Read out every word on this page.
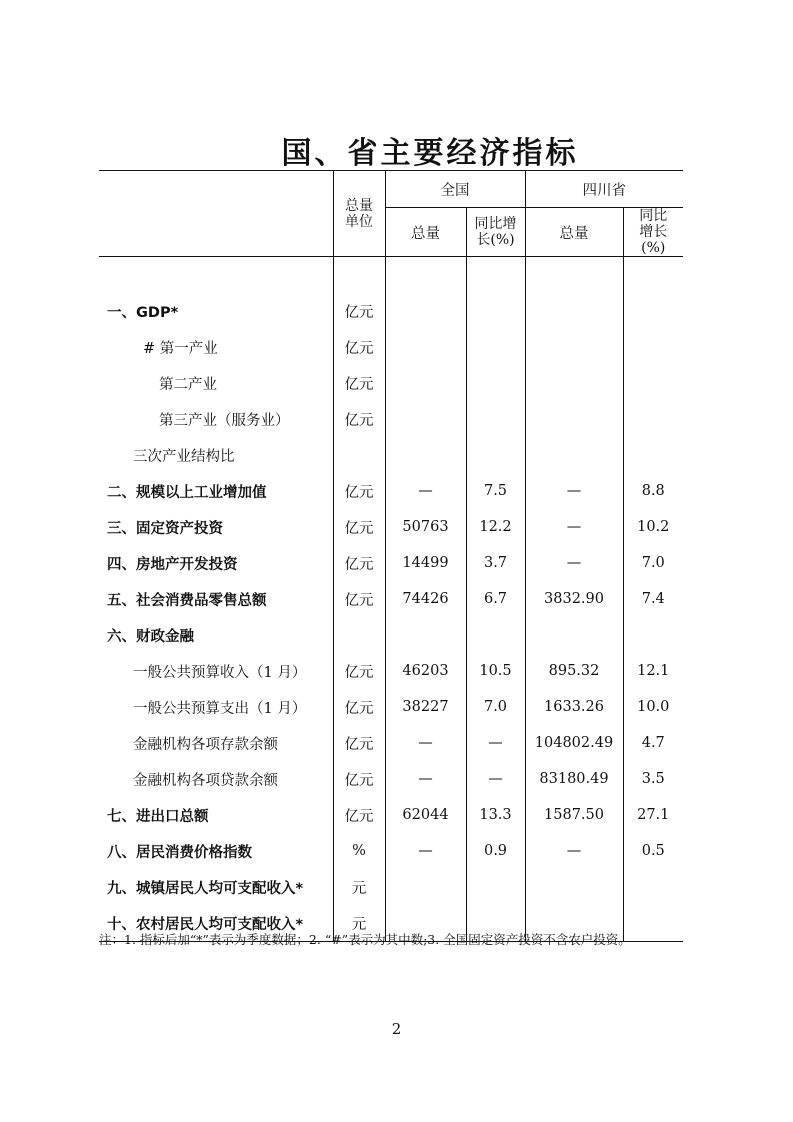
国、省主要经济指标
	总量单位	全国		四川省	
		总量	同比增长(%)	总量	同比增长(%)

一、GDP*	亿元				
# 第一产业	亿元				
第二产业	亿元				
第三产业（服务业）	亿元				
三次产业结构比					
二、规模以上工业增加值	亿元	—	7.5	—	8.8
三、固定资产投资	亿元	50763	12.2	—	10.2
四、房地产开发投资	亿元	14499	3.7	—	7.0
五、社会消费品零售总额	亿元	74426	6.7	3832.90	7.4
六、财政金融					
一般公共预算收入（1 月）	亿元	46203	10.5	895.32	12.1
一般公共预算支出（1 月）	亿元	38227	7.0	1633.26	10.0
金融机构各项存款余额	亿元	—	—	104802.49	4.7
金融机构各项贷款余额	亿元	—	—	83180.49	3.5
七、进出口总额	亿元	62044	13.3	1587.50	27.1
八、居民消费价格指数	%	—	0.9	—	0.5
九、城镇居民人均可支配收入*	元				
十、农村居民人均可支配收入*	元				
注：1. 指标后加“*”表示为季度数据；2. “#”表示为其中数;3. 全国固定资产投资不含农户投资。
2
